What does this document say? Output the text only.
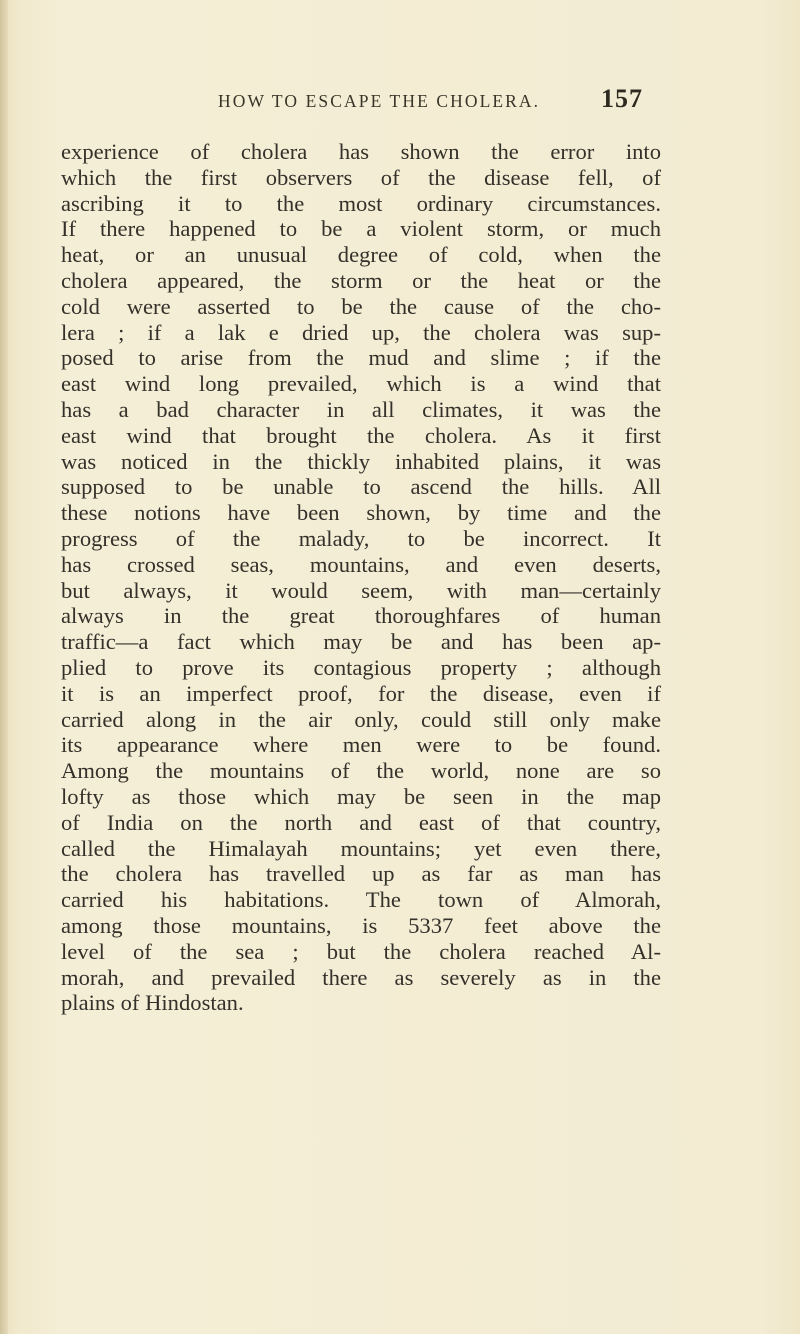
HOW TO ESCAPE THE CHOLERA. 157
experience of cholera has shown the error into
which the first observers of the disease fell, of
ascribing it to the most ordinary circumstances.
If there happened to be a violent storm, or much
heat, or an unusual degree of cold, when the
cholera appeared, the storm or the heat or the
cold were asserted to be the cause of the cho-
lera ; if a lak e dried up, the cholera was sup-
posed to arise from the mud and slime ; if the
east wind long prevailed, which is a wind that
has a bad character in all climates, it was the
east wind that brought the cholera. As it first
was noticed in the thickly inhabited plains, it was
supposed to be unable to ascend the hills. All
these notions have been shown, by time and the
progress of the malady, to be incorrect. It
has crossed seas, mountains, and even deserts,
but always, it would seem, with man—certainly
always in the great thoroughfares of human
traffic—a fact which may be and has been ap-
plied to prove its contagious property ; although
it is an imperfect proof, for the disease, even if
carried along in the air only, could still only make
its appearance where men were to be found.
Among the mountains of the world, none are so
lofty as those which may be seen in the map
of India on the north and east of that country,
called the Himalayah mountains; yet even there,
the cholera has travelled up as far as man has
carried his habitations. The town of Almorah,
among those mountains, is 5337 feet above the
level of the sea ; but the cholera reached Al-
morah, and prevailed there as severely as in the
plains of Hindostan.
